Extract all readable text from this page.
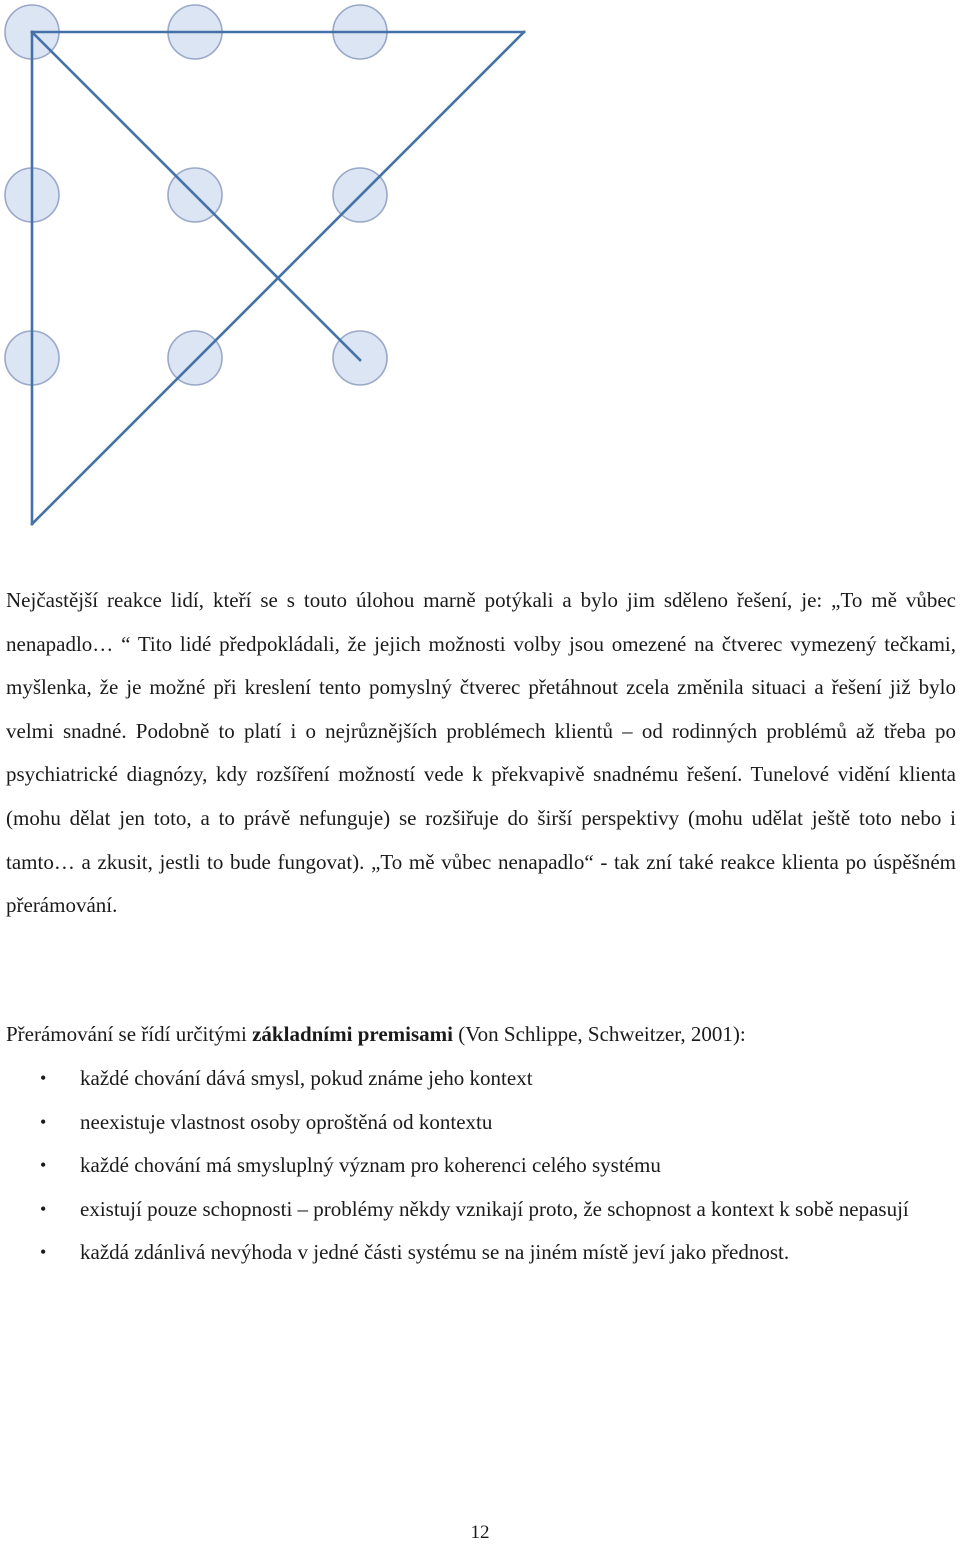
Nejčastější reakce lidí, kteří se s touto úlohou marně potýkali a bylo jim sděleno řešení, je: „To mě vůbec nenapadlo… “ Tito lidé předpokládali, že jejich možnosti volby jsou omezené na čtverec vymezený tečkami, myšlenka, že je možné při kreslení tento pomyslný čtverec přetáhnout zcela změnila situaci a řešení již bylo velmi snadné. Podobně to platí i o nejrůznějších problémech klientů – od rodinných problémů až třeba po psychiatrické diagnózy, kdy rozšíření možností vede k překvapivě snadnému řešení. Tunelové vidění klienta (mohu dělat jen toto, a to právě nefunguje) se rozšiřuje do širší perspektivy (mohu udělat ještě toto nebo i tamto… a zkusit, jestli to bude fungovat). „To mě vůbec nenapadlo“ - tak zní také reakce klienta po úspěšném přerámování.

Přerámování se řídí určitými základními premisami (Von Schlippe, Schweitzer, 2001):

• každé chování dává smysl, pokud známe jeho kontext
• neexistuje vlastnost osoby oproštěná od kontextu
• každé chování má smysluplný význam pro koherenci celého systému
• existují pouze schopnosti – problémy někdy vznikají proto, že schopnost a kontext k sobě nepasují
• každá zdánlivá nevýhoda v jedné části systému se na jiném místě jeví jako přednost.
12
